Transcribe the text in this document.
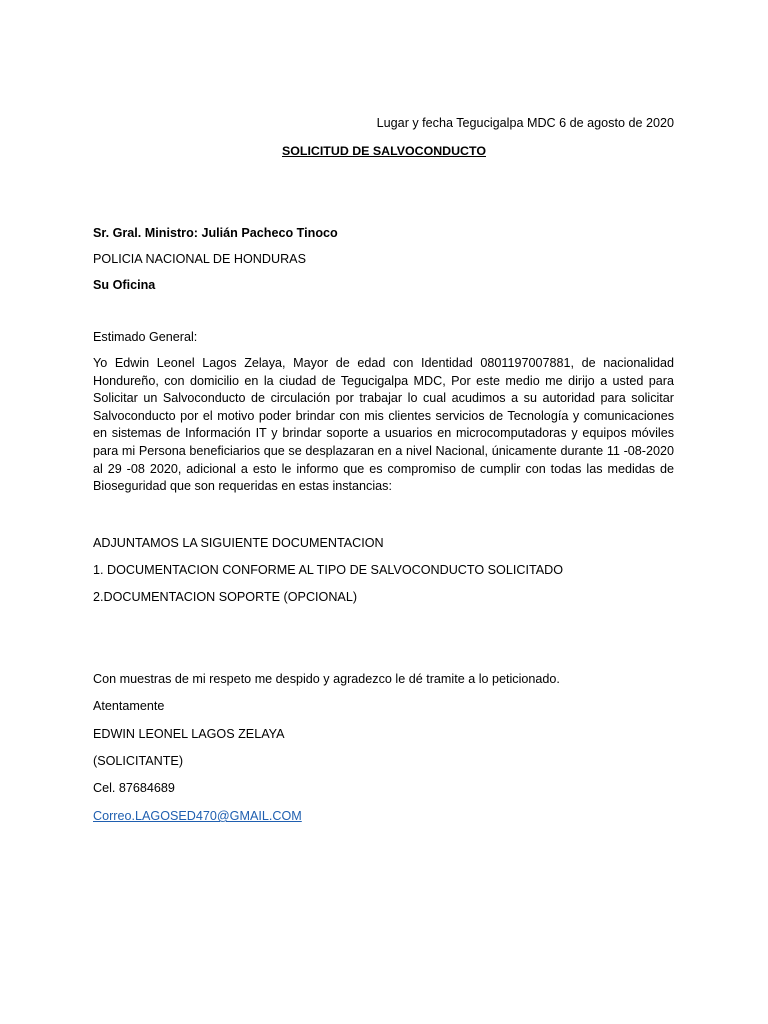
Lugar y fecha Tegucigalpa MDC 6 de agosto de 2020
SOLICITUD DE SALVOCONDUCTO
Sr. Gral. Ministro: Julián Pacheco Tinoco
POLICIA NACIONAL DE HONDURAS
Su Oficina
Estimado General:
Yo Edwin Leonel Lagos Zelaya, Mayor de edad con Identidad 0801197007881, de nacionalidad Hondureño, con domicilio en la ciudad de Tegucigalpa MDC, Por este medio me dirijo a usted para Solicitar un Salvoconducto de circulación por trabajar lo cual acudimos a su autoridad para solicitar Salvoconducto por el motivo poder brindar con mis clientes servicios de Tecnología y comunicaciones en sistemas de Información IT y brindar soporte a usuarios en microcomputadoras y equipos móviles para mi Persona beneficiarios que se desplazaran en a nivel Nacional, únicamente durante 11 -08-2020 al 29 -08 2020, adicional a esto le informo que es compromiso de cumplir con todas las medidas de Bioseguridad que son requeridas en estas instancias:
ADJUNTAMOS LA SIGUIENTE DOCUMENTACION
1. DOCUMENTACION CONFORME AL TIPO DE SALVOCONDUCTO SOLICITADO
2.DOCUMENTACION SOPORTE (OPCIONAL)
Con muestras de mi respeto me despido y agradezco le dé tramite a lo peticionado.
Atentamente
EDWIN LEONEL LAGOS ZELAYA
(SOLICITANTE)
Cel. 87684689
Correo.LAGOSED470@GMAIL.COM
